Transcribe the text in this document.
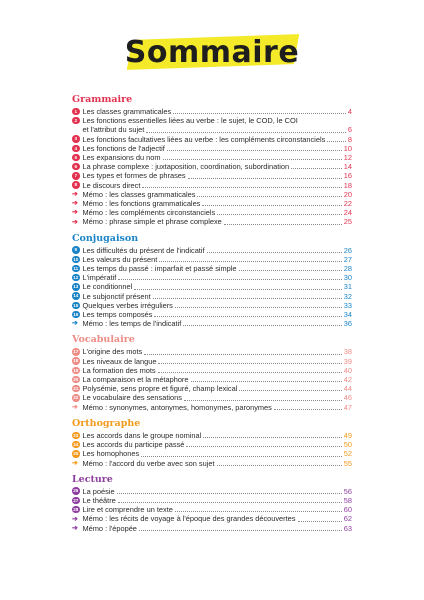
Sommaire
Grammaire
1 Les classes grammaticales	4
2 Les fonctions essentielles liées au verbe : le sujet, le COD, le COI
et l'attribut du sujet	6
3 Les fonctions facultatives liées au verbe : les compléments circonstanciels	8
4 Les fonctions de l'adjectif	10
5 Les expansions du nom	12
6 La phrase complexe : juxtaposition, coordination, subordination	14
7 Les types et formes de phrases	16
8 Le discours direct	18
➔ Mémo : les classes grammaticales	20
➔ Mémo : les fonctions grammaticales	22
➔ Mémo : les compléments circonstanciels	24
➔ Mémo : phrase simple et phrase complexe	25
Conjugaison
9 Les difficultés du présent de l'indicatif	26
10 Les valeurs du présent	27
11 Les temps du passé : imparfait et passé simple	28
12 L'impératif	30
13 Le conditionnel	31
14 Le subjonctif présent	32
15 Quelques verbes irréguliers	33
16 Les temps composés	34
➔ Mémo : les temps de l'indicatif	36
Vocabulaire
17 L'origine des mots	38
18 Les niveaux de langue	39
19 La formation des mots	40
20 La comparaison et la métaphore	42
21 Polysémie, sens propre et figuré, champ lexical	44
22 Le vocabulaire des sensations	46
➔ Mémo : synonymes, antonymes, homonymes, paronymes	47
Orthographe
23 Les accords dans le groupe nominal	49
24 Les accords du participe passé	50
25 Les homophones	52
➔ Mémo : l'accord du verbe avec son sujet	55
Lecture
26 La poésie	56
27 Le théâtre	58
28 Lire et comprendre un texte	60
➔ Mémo : les récits de voyage à l'époque des grandes découvertes	62
➔ Mémo : l'épopée	63
